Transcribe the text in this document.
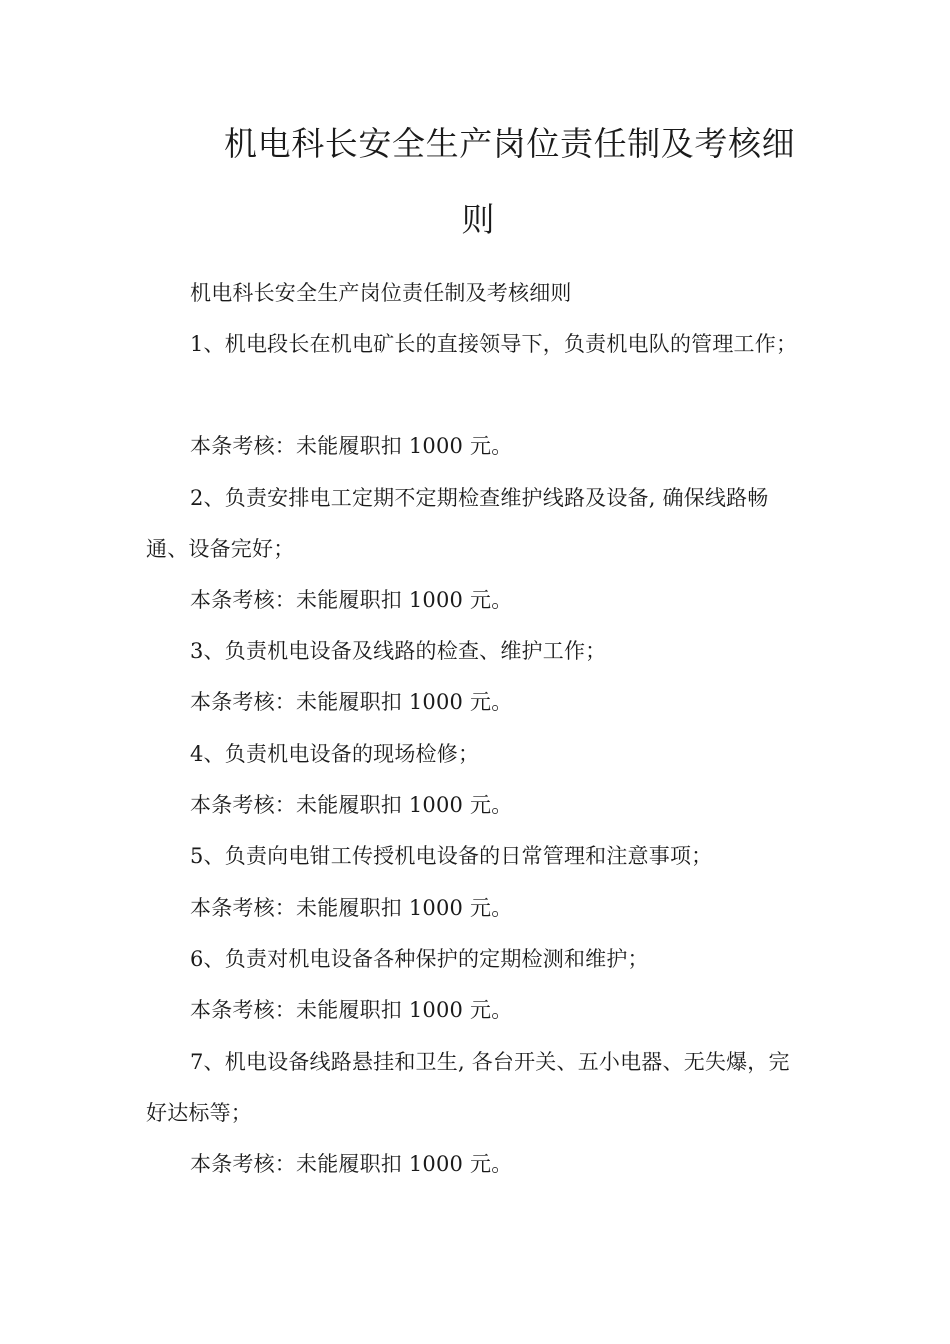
机电科长安全生产岗位责任制及考核细
则

机电科长安全生产岗位责任制及考核细则

1、机电段长在机电矿长的直接领导下，负责机电队的管理工作；

本条考核：未能履职扣 1000 元。

2、负责安排电工定期不定期检查维护线路及设备, 确保线路畅通、设备完好；

本条考核：未能履职扣 1000 元。

3、负责机电设备及线路的检查、维护工作；

本条考核：未能履职扣 1000 元。

4、负责机电设备的现场检修；

本条考核：未能履职扣 1000 元。

5、负责向电钳工传授机电设备的日常管理和注意事项；

本条考核：未能履职扣 1000 元。

6、负责对机电设备各种保护的定期检测和维护；

本条考核：未能履职扣 1000 元。

7、机电设备线路悬挂和卫生, 各台开关、五小电器、无失爆，完好达标等；

本条考核：未能履职扣 1000 元。
